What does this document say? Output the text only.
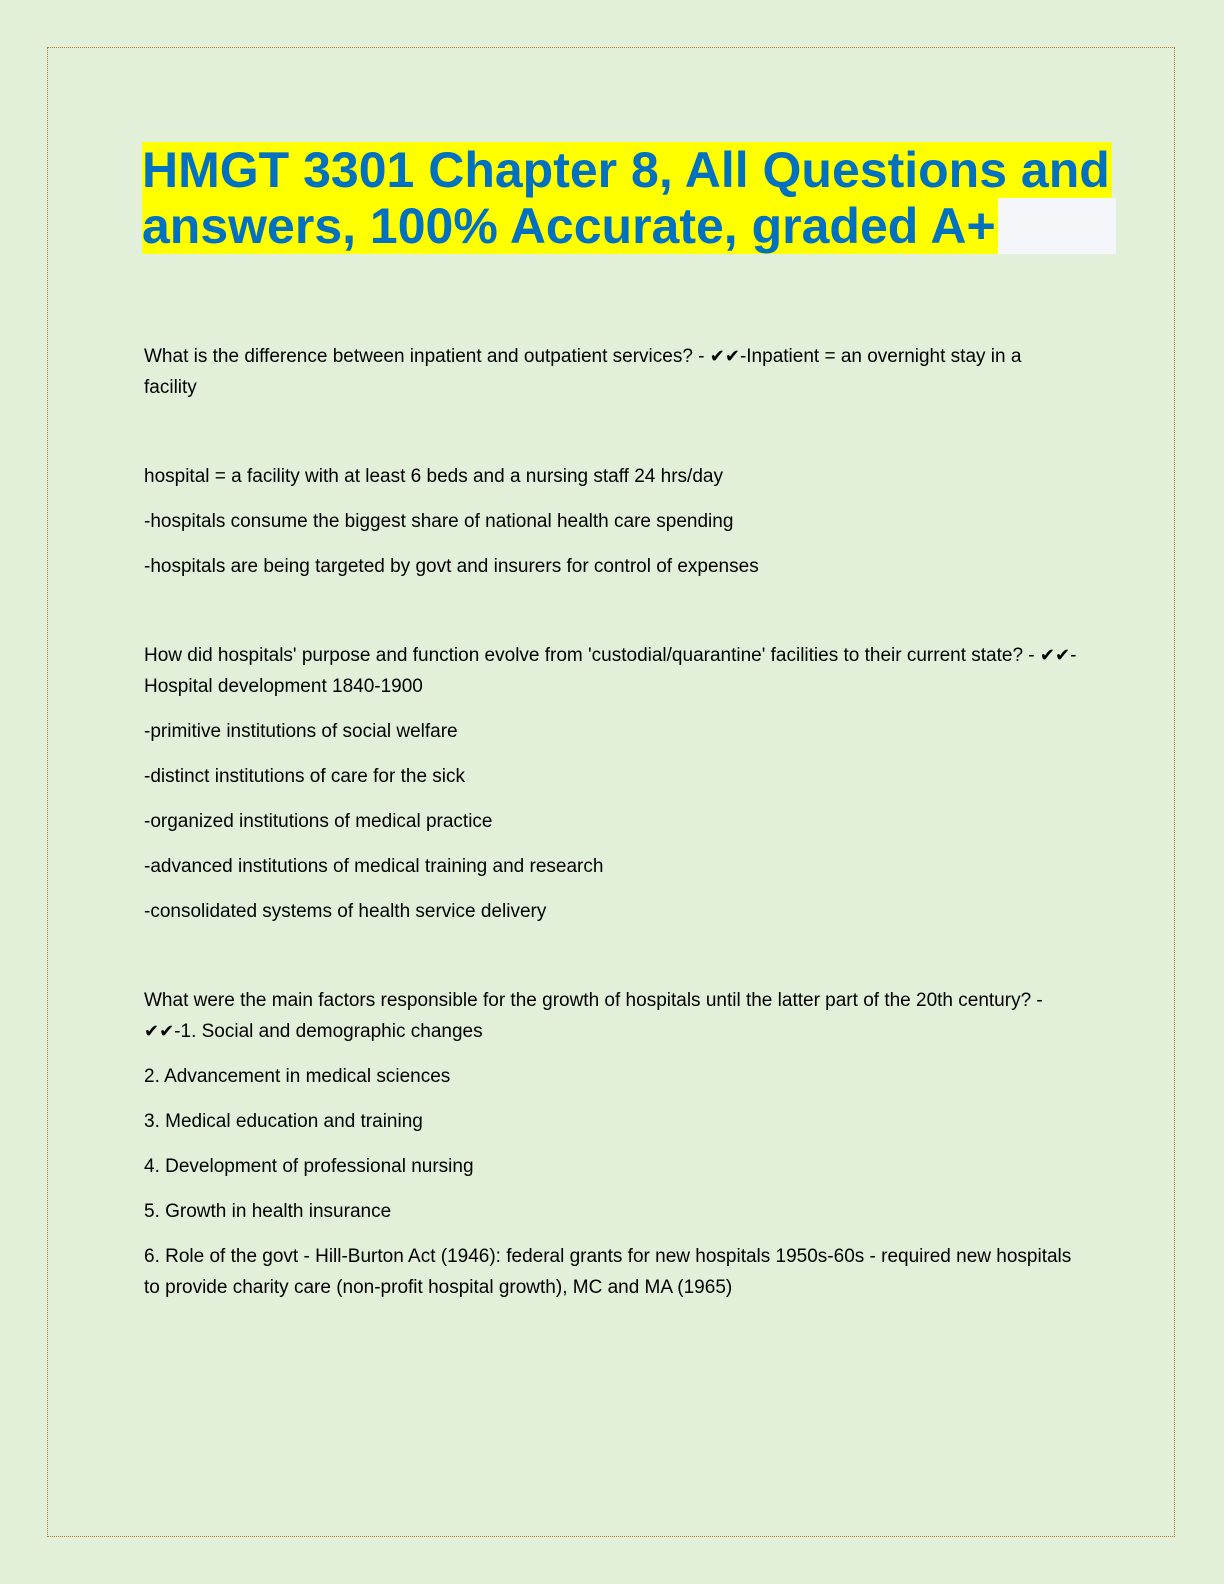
HMGT 3301 Chapter 8, All Questions and
answers, 100% Accurate, graded A+

What is the difference between inpatient and outpatient services? - ✔✔-Inpatient = an overnight stay in a facility

hospital = a facility with at least 6 beds and a nursing staff 24 hrs/day

-hospitals consume the biggest share of national health care spending

-hospitals are being targeted by govt and insurers for control of expenses

How did hospitals' purpose and function evolve from 'custodial/quarantine' facilities to their current state? - ✔✔-Hospital development 1840-1900

-primitive institutions of social welfare

-distinct institutions of care for the sick

-organized institutions of medical practice

-advanced institutions of medical training and research

-consolidated systems of health service delivery

What were the main factors responsible for the growth of hospitals until the latter part of the 20th century? - ✔✔-1. Social and demographic changes

2. Advancement in medical sciences

3. Medical education and training

4. Development of professional nursing

5. Growth in health insurance

6. Role of the govt - Hill-Burton Act (1946): federal grants for new hospitals 1950s-60s - required new hospitals to provide charity care (non-profit hospital growth), MC and MA (1965)
